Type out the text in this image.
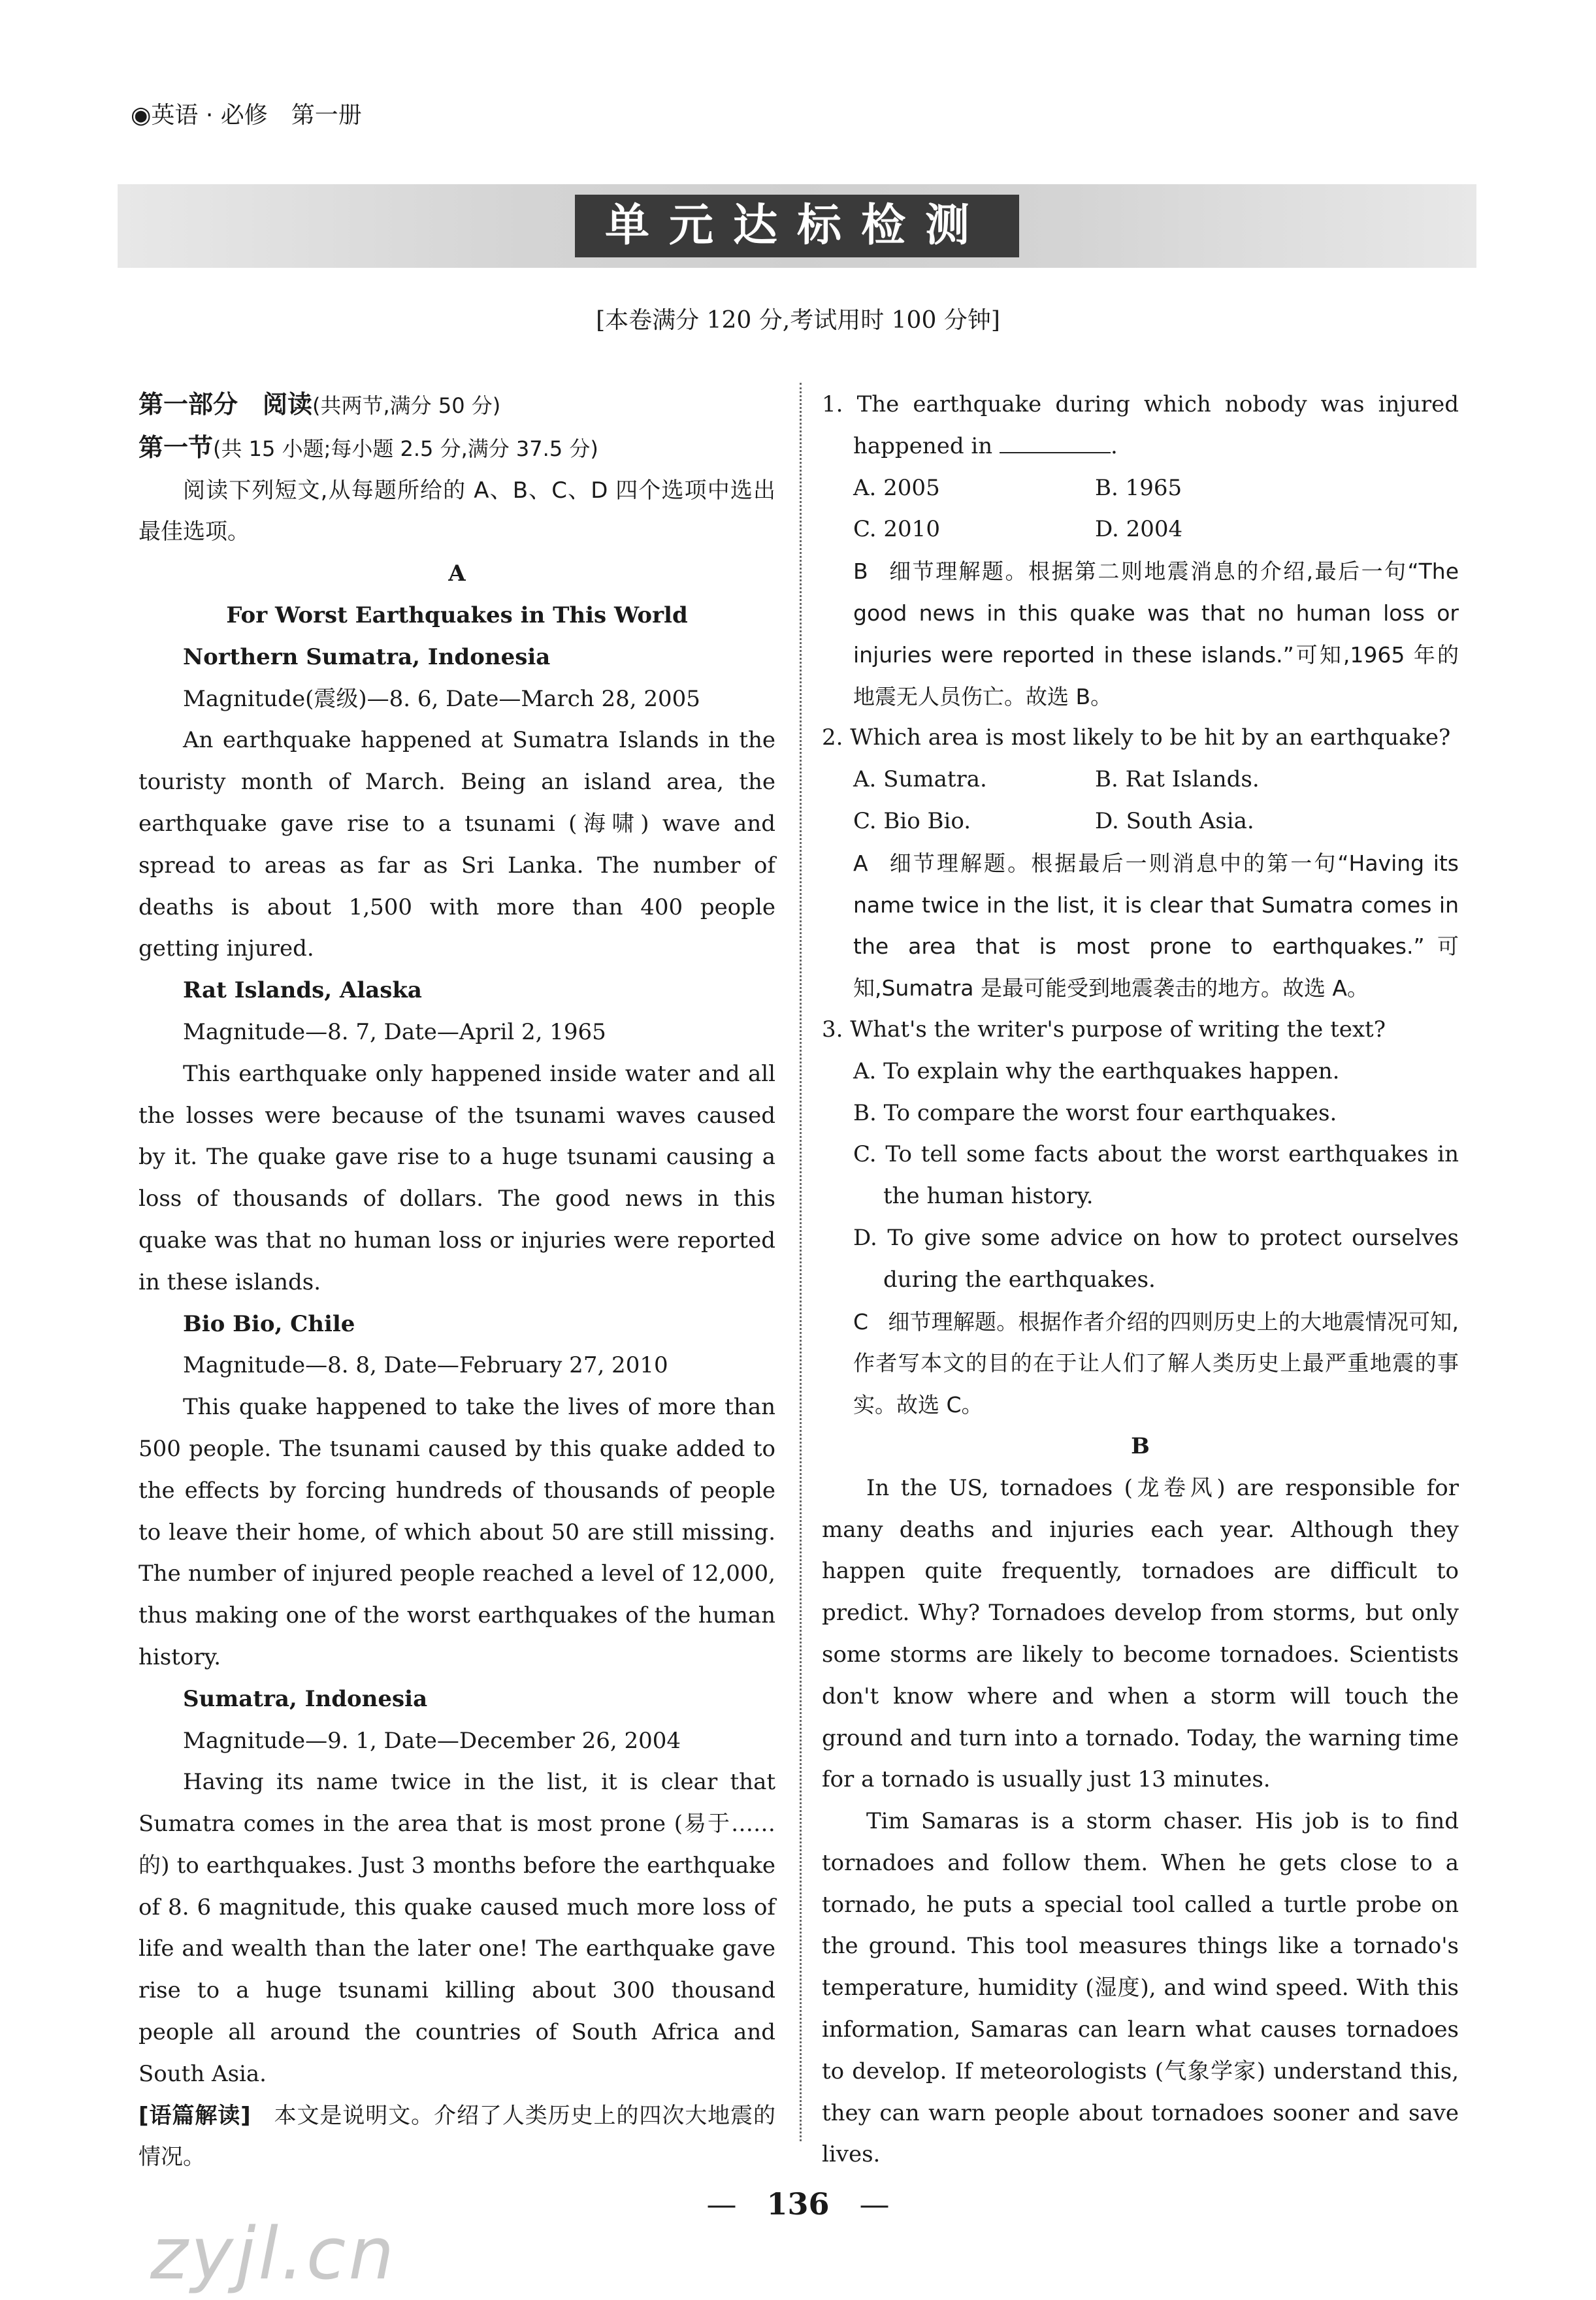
◉英语 · 必修　第一册
单元达标检测
[本卷满分 120 分,考试用时 100 分钟]

第一部分　阅读(共两节,满分 50 分)

第一节(共 15 小题;每小题 2.5 分,满分 37.5 分)

阅读下列短文,从每题所给的 A、B、C、D 四个选项中选出最佳选项。

A

For Worst Earthquakes in This World

Northern Sumatra, Indonesia

Magnitude(震级)—8. 6, Date—March 28, 2005

An earthquake happened at Sumatra Islands in the touristy month of March. Being an island area, the earthquake gave rise to a tsunami (海啸) wave and spread to areas as far as Sri Lanka. The number of deaths is about 1,500 with more than 400 people getting injured.

Rat Islands, Alaska

Magnitude—8. 7, Date—April 2, 1965

This earthquake only happened inside water and all the losses were because of the tsunami waves caused by it. The quake gave rise to a huge tsunami causing a loss of thousands of dollars. The good news in this quake was that no human loss or injuries were reported in these islands.

Bio Bio, Chile

Magnitude—8. 8, Date—February 27, 2010

This quake happened to take the lives of more than 500 people. The tsunami caused by this quake added to the effects by forcing hundreds of thousands of people to leave their home, of which about 50 are still missing. The number of injured people reached a level of 12,000, thus making one of the worst earthquakes of the human history.

Sumatra, Indonesia

Magnitude—9. 1, Date—December 26, 2004

Having its name twice in the list, it is clear that Sumatra comes in the area that is most prone (易于……的) to earthquakes. Just 3 months before the earthquake of 8. 6 magnitude, this quake caused much more loss of life and wealth than the later one! The earthquake gave rise to a huge tsunami killing about 300 thousand people all around the countries of South Africa and South Asia.

[语篇解读]　 本文是说明文。介绍了人类历史上的四次大地震的情况。

1. The earthquake during which nobody was injured happened in	.

A. 2005	B. 1965
C. 2010	D. 2004

B 细节理解题。根据第二则地震消息的介绍,最后一句“The good news in this quake was that no human loss or injuries were reported in these islands.”可知,1965 年的地震无人员伤亡。故选 B。

2. Which area is most likely to be hit by an earthquake?

A. Sumatra.	B. Rat Islands.
C. Bio Bio.	D. South Asia.

A 细节理解题。根据最后一则消息中的第一句“Having its name twice in the list, it is clear that Sumatra comes in the area that is most prone to earthquakes.”可知,Sumatra 是最可能受到地震袭击的地方。故选 A。

3. What's the writer's purpose of writing the text?

A. To explain why the earthquakes happen.

B. To compare the worst four earthquakes.

C. To tell some facts about the worst earthquakes in the human history.

D. To give some advice on how to protect ourselves during the earthquakes.

C 细节理解题。根据作者介绍的四则历史上的大地震情况可知,作者写本文的目的在于让人们了解人类历史上最严重地震的事实。故选 C。

B

In the US, tornadoes (龙卷风) are responsible for many deaths and injuries each year. Although they happen quite frequently, tornadoes are difficult to predict. Why? Tornadoes develop from storms, but only some storms are likely to become tornadoes. Scientists don't know where and when a storm will touch the ground and turn into a tornado. Today, the warning time for a tornado is usually just 13 minutes.

Tim Samaras is a storm chaser. His job is to find tornadoes and follow them. When he gets close to a tornado, he puts a special tool called a turtle probe on the ground. This tool measures things like a tornado's temperature, humidity (湿度), and wind speed. With this information, Samaras can learn what causes tornadoes to develop. If meteorologists (气象学家) understand this, they can warn people about tornadoes sooner and save lives.

—　 136　 —
zyjl.cn
